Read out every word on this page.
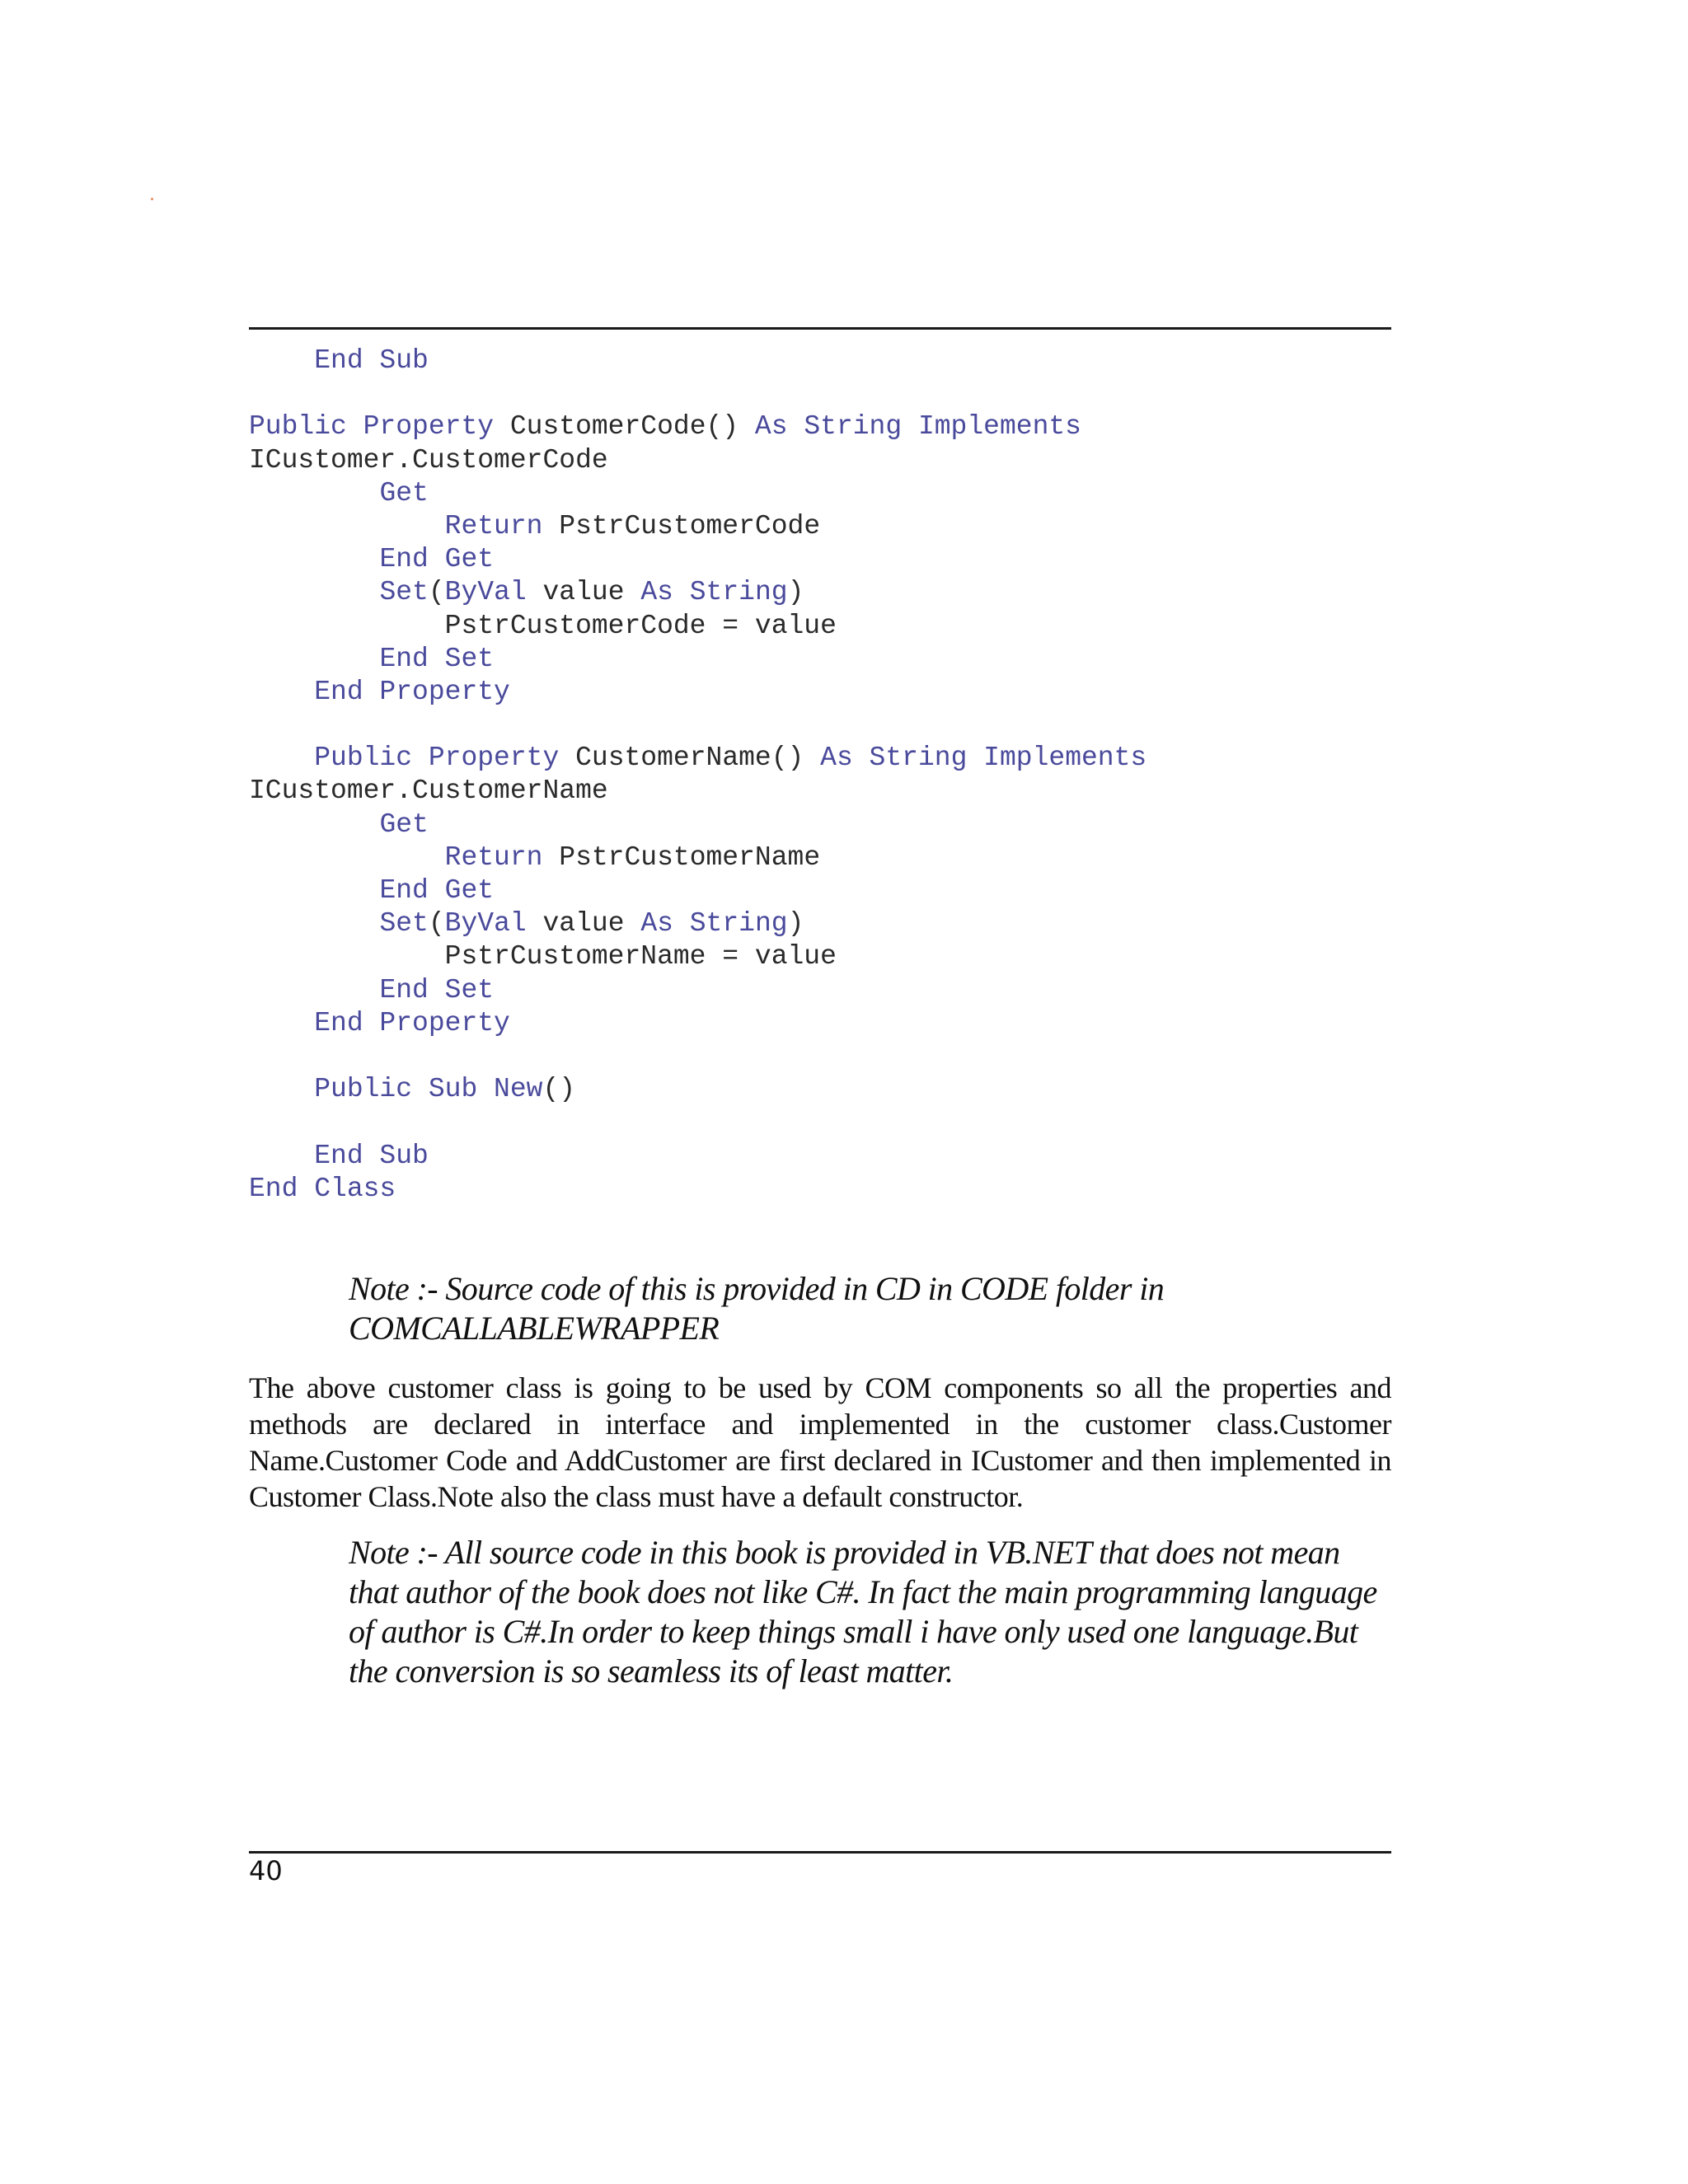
End Sub
Public Property CustomerCode() As String Implements
ICustomer.CustomerCode
Get
Return PstrCustomerCode
End Get
Set(ByVal value As String)
PstrCustomerCode = value
End Set
End Property
Public Property CustomerName() As String Implements
ICustomer.CustomerName
Get
Return PstrCustomerName
End Get
Set(ByVal value As String)
PstrCustomerName = value
End Set
End Property
Public Sub New()
End Sub
End Class
Note :- Source code of this is provided in CD in CODE folder in COMCALLABLEWRAPPER
The above customer class is going to be used by COM components so all the properties and methods are declared in interface and implemented in the customer class.Customer Name.Customer Code and AddCustomer are first declared in ICustomer and then implemented in Customer Class.Note also the class must have a default constructor.
Note :- All source code in this book is provided in VB.NET that does not mean that author of the book does not like C#. In fact the main programming language of author is C#.In order to keep things small i have only used one language.But the conversion is so seamless its of least matter.
40
